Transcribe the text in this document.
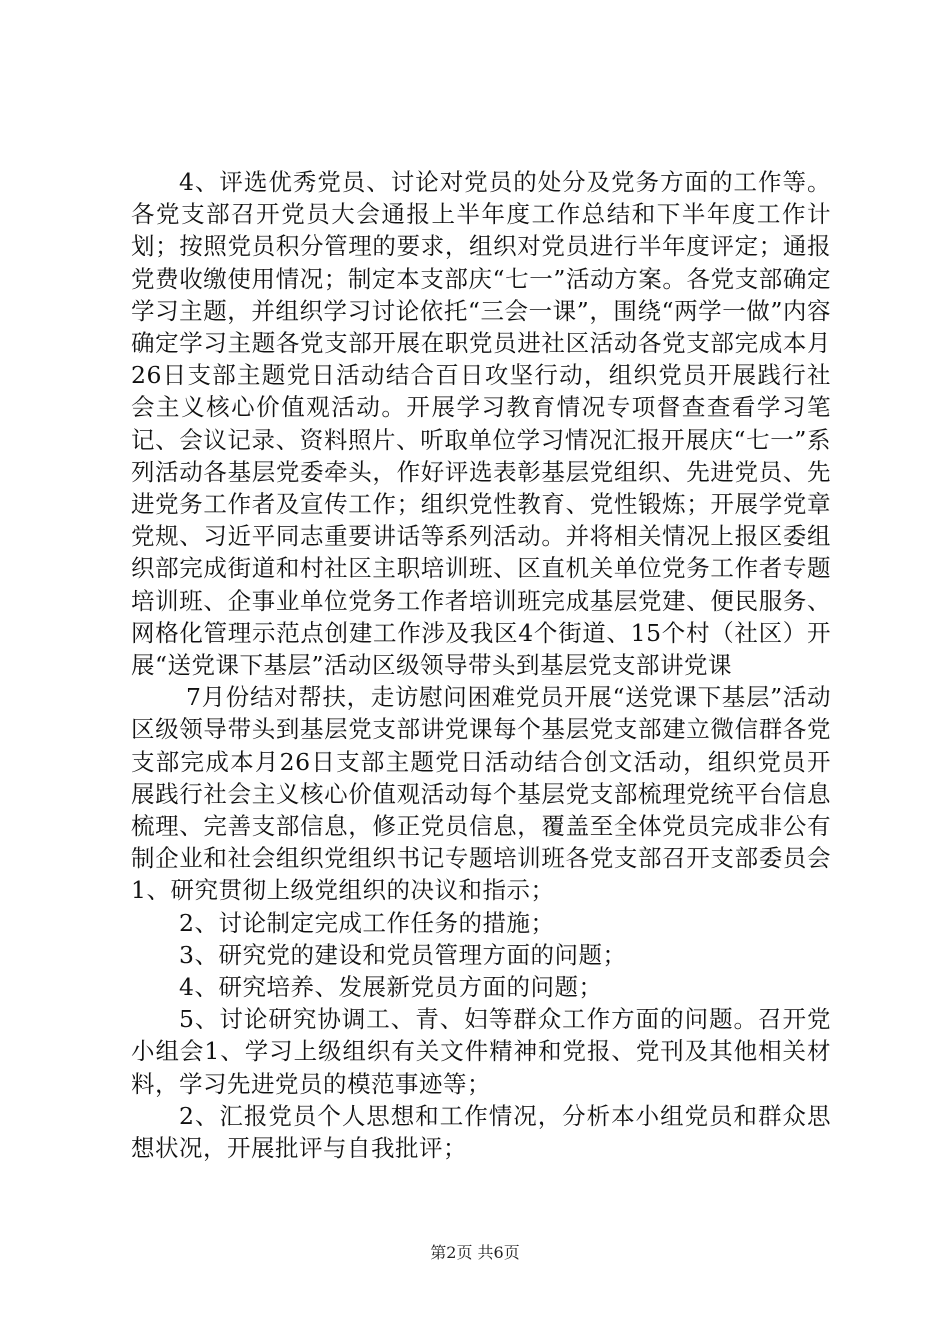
4、评选优秀党员、讨论对党员的处分及党务方面的工作等。各党支部召开党员大会通报上半年度工作总结和下半年度工作计划；按照党员积分管理的要求，组织对党员进行半年度评定；通报党费收缴使用情况；制定本支部庆“七一”活动方案。各党支部确定学习主题，并组织学习讨论依托“三会一课”，围绕“两学一做”内容确定学习主题各党支部开展在职党员进社区活动各党支部完成本月26日支部主题党日活动结合百日攻坚行动，组织党员开展践行社会主义核心价值观活动。开展学习教育情况专项督查查看学习笔记、会议记录、资料照片、听取单位学习情况汇报开展庆“七一”系列活动各基层党委牵头，作好评选表彰基层党组织、先进党员、先进党务工作者及宣传工作；组织党性教育、党性锻炼；开展学党章党规、习近平同志重要讲话等系列活动。并将相关情况上报区委组织部完成街道和村社区主职培训班、区直机关单位党务工作者专题培训班、企事业单位党务工作者培训班完成基层党建、便民服务、网格化管理示范点创建工作涉及我区4个街道、15个村（社区）开展“送党课下基层”活动区级领导带头到基层党支部讲党课

7月份结对帮扶，走访慰问困难党员开展“送党课下基层”活动区级领导带头到基层党支部讲党课每个基层党支部建立微信群各党支部完成本月26日支部主题党日活动结合创文活动，组织党员开展践行社会主义核心价值观活动每个基层党支部梳理党统平台信息梳理、完善支部信息，修正党员信息，覆盖至全体党员完成非公有制企业和社会组织党组织书记专题培训班各党支部召开支部委员会1、研究贯彻上级党组织的决议和指示；

2、讨论制定完成工作任务的措施；

3、研究党的建设和党员管理方面的问题；

4、研究培养、发展新党员方面的问题；

5、讨论研究协调工、青、妇等群众工作方面的问题。召开党小组会1、学习上级组织有关文件精神和党报、党刊及其他相关材料，学习先进党员的模范事迹等；

2、汇报党员个人思想和工作情况，分析本小组党员和群众思想状况，开展批评与自我批评；

第2页 共6页
